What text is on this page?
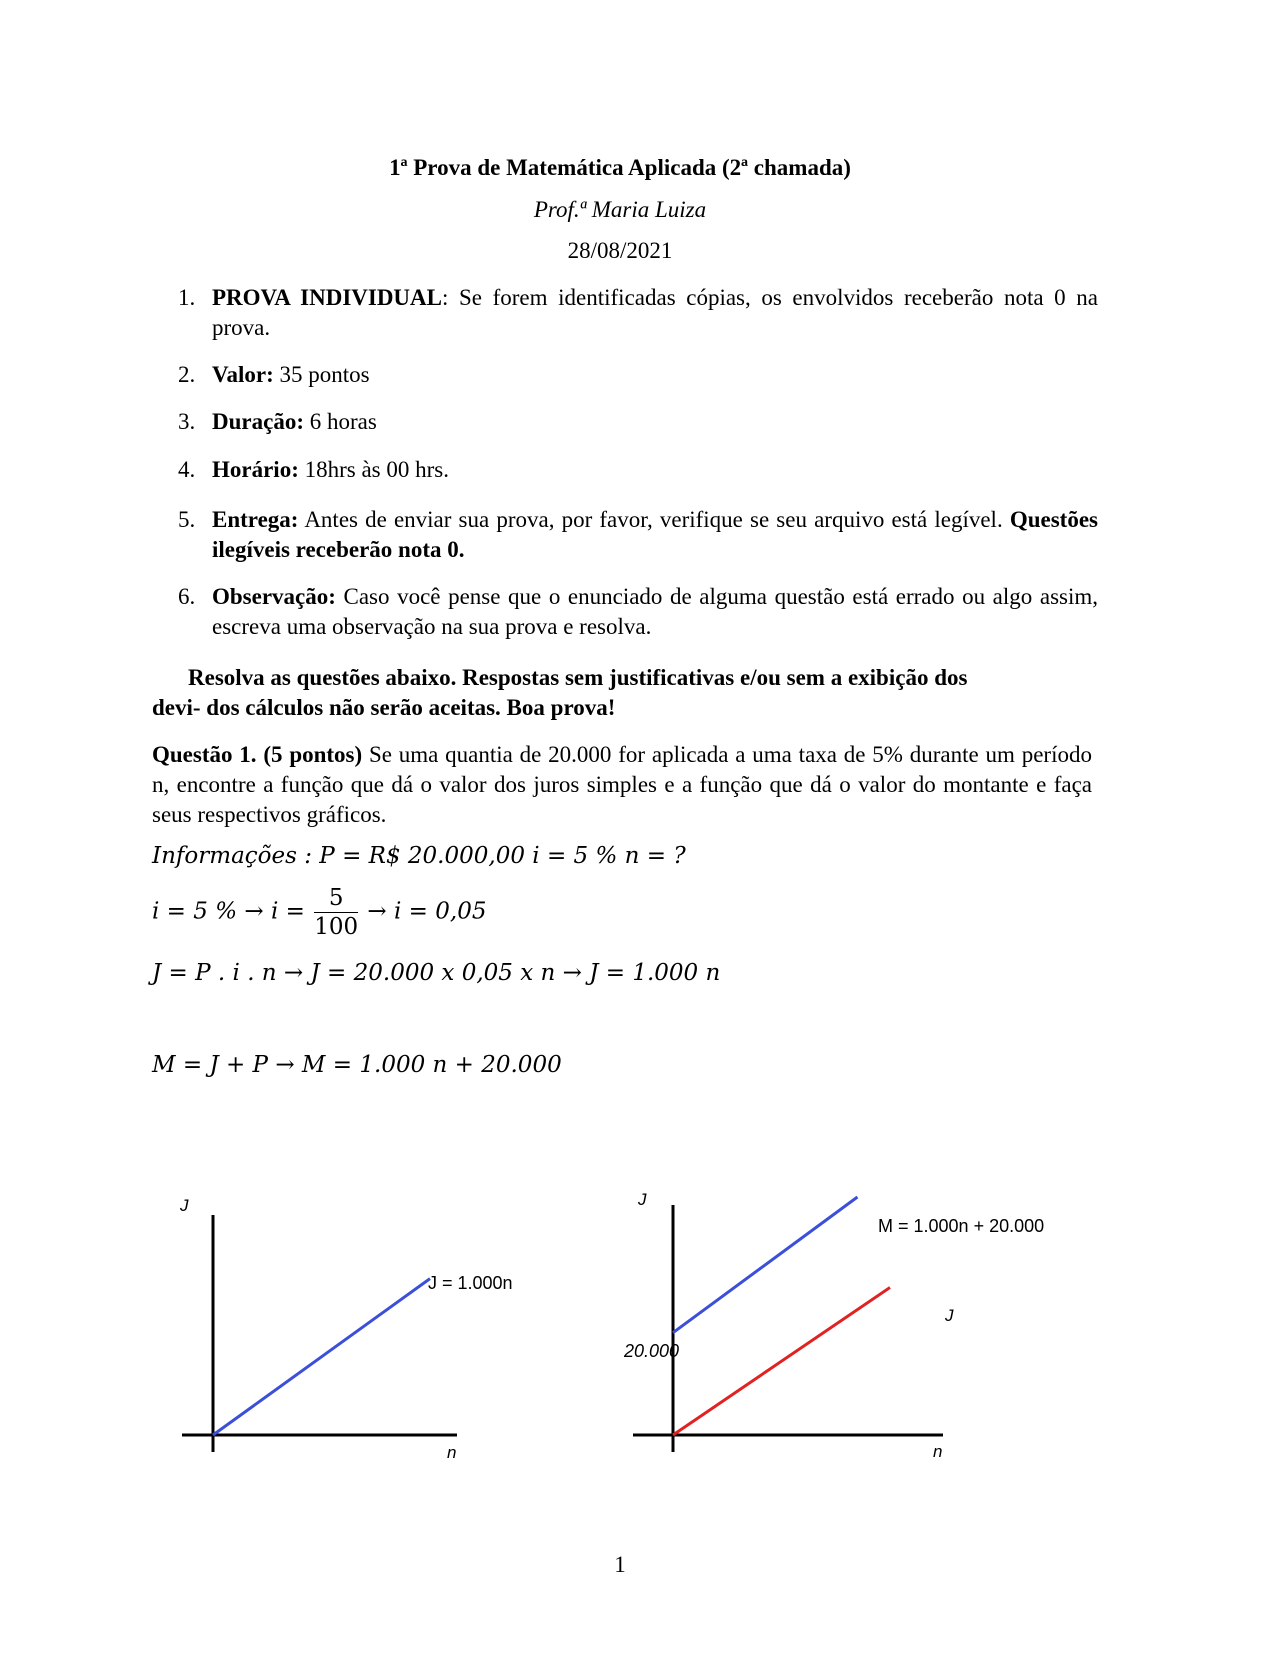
1ª Prova de Matemática Aplicada (2ª chamada)
Prof.ª Maria Luiza
28/08/2021
1. PROVA INDIVIDUAL: Se forem identificadas cópias, os envolvidos receberão nota 0 na prova.
2. Valor: 35 pontos
3. Duração: 6 horas
4. Horário: 18hrs às 00 hrs.
5. Entrega: Antes de enviar sua prova, por favor, verifique se seu arquivo está legível. Questões ilegíveis receberão nota 0.
6. Observação: Caso você pense que o enunciado de alguma questão está errado ou algo assim, escreva uma observação na sua prova e resolva.
Resolva as questões abaixo. Respostas sem justificativas e/ou sem a exibição dos
devi- dos cálculos não serão aceitas. Boa prova!
Questão 1. (5 pontos) Se uma quantia de 20.000 for aplicada a uma taxa de 5% durante um período n, encontre a função que dá o valor dos juros simples e a função que dá o valor do montante e faça seus respectivos gráficos.
Informações : P = R$ 20.000,00 i = 5 % n = ?
i = 5 % → $i = \frac{5}{100} \to i = 0,05$
J = P . i . n → J = 20.000 x 0,05 x n → J = 1.000 n
M = J + P → M = 1.000 n + 20.000
J
n
J = 1.000n
J
n
20.000
M = 1.000n + 20.000
J
1
